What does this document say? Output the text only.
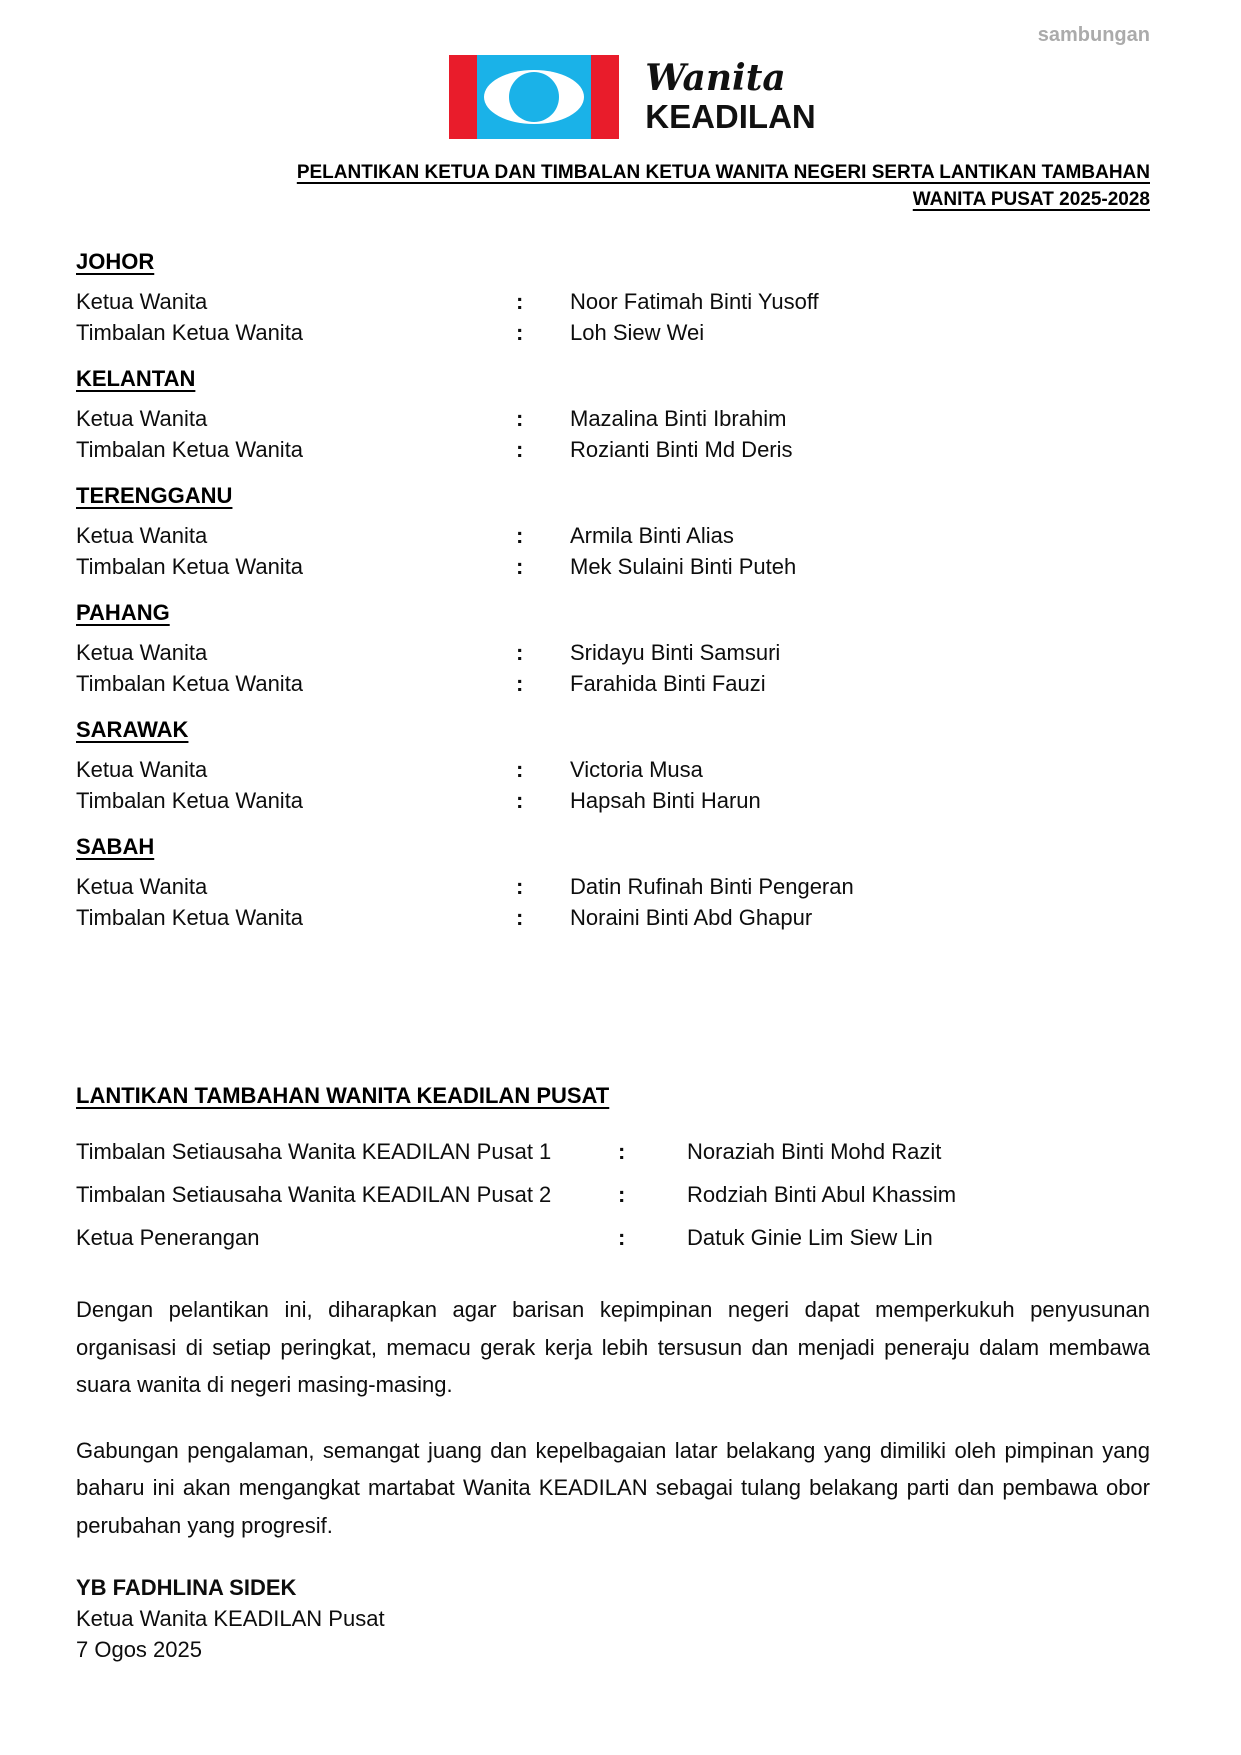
sambungan
Wanita
KEADILAN
PELANTIKAN KETUA DAN TIMBALAN KETUA WANITA NEGERI SERTA LANTIKAN TAMBAHAN
WANITA PUSAT 2025-2028
JOHOR
Ketua Wanita	:	Noor Fatimah Binti Yusoff
Timbalan Ketua Wanita	:	Loh Siew Wei
KELANTAN
Ketua Wanita	:	Mazalina Binti Ibrahim
Timbalan Ketua Wanita	:	Rozianti Binti Md Deris
TERENGGANU
Ketua Wanita	:	Armila Binti Alias
Timbalan Ketua Wanita	:	Mek Sulaini Binti Puteh
PAHANG
Ketua Wanita	:	Sridayu Binti Samsuri
Timbalan Ketua Wanita	:	Farahida Binti Fauzi
SARAWAK
Ketua Wanita	:	Victoria Musa
Timbalan Ketua Wanita	:	Hapsah Binti Harun
SABAH
Ketua Wanita	:	Datin Rufinah Binti Pengeran
Timbalan Ketua Wanita	:	Noraini Binti Abd Ghapur
LANTIKAN TAMBAHAN WANITA KEADILAN PUSAT
Timbalan Setiausaha Wanita KEADILAN Pusat 1	:	Noraziah Binti Mohd Razit
Timbalan Setiausaha Wanita KEADILAN Pusat 2	:	Rodziah Binti Abul Khassim
Ketua Penerangan	:	Datuk Ginie Lim Siew Lin

Dengan pelantikan ini, diharapkan agar barisan kepimpinan negeri dapat memperkukuh penyusunan organisasi di setiap peringkat, memacu gerak kerja lebih tersusun dan menjadi peneraju dalam membawa suara wanita di negeri masing-masing.

Gabungan pengalaman, semangat juang dan kepelbagaian latar belakang yang dimiliki oleh pimpinan yang baharu ini akan mengangkat martabat Wanita KEADILAN sebagai tulang belakang parti dan pembawa obor perubahan yang progresif.

YB FADHLINA SIDEK
Ketua Wanita KEADILAN Pusat
7 Ogos 2025
